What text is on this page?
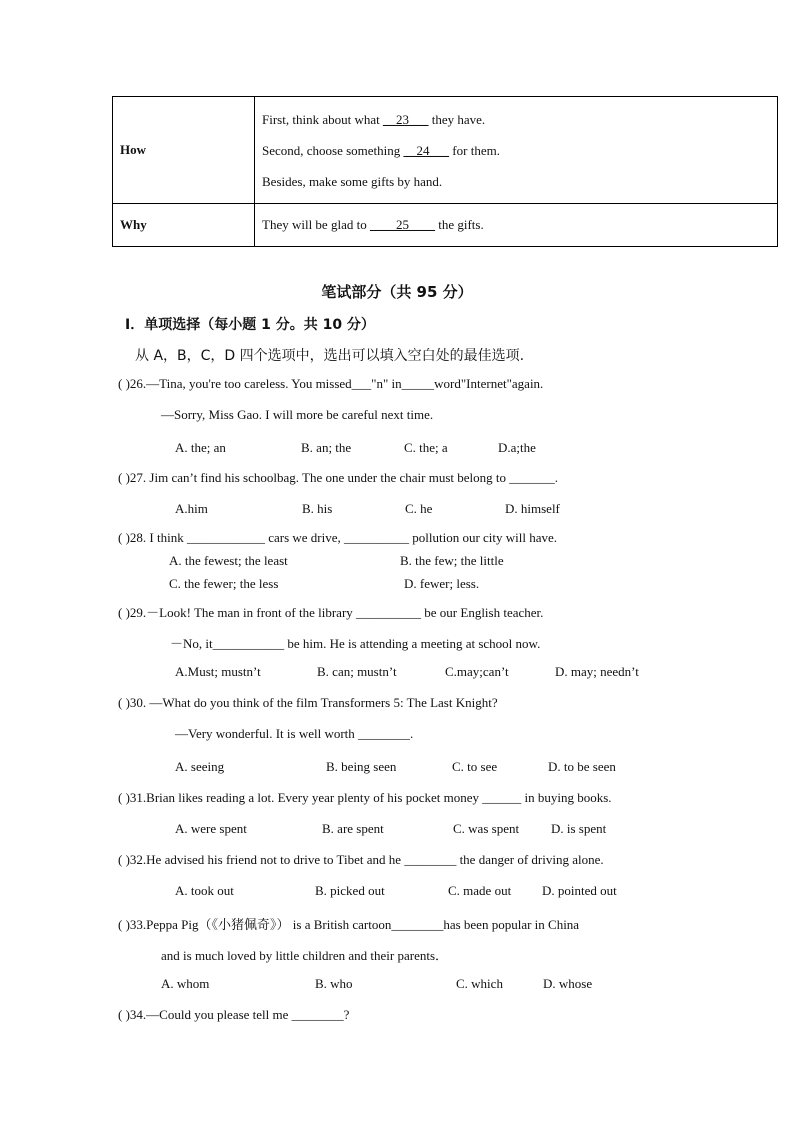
How	First, think about what __23___ they have.
Second, choose something __24___ for them.
Besides, make some gifts by hand.

Why	They will be glad to ____25____ the gifts.
笔试部分（共 95 分）
I．单项选择（每小题 1 分。共 10 分）
从 A，B，C，D 四个选项中，选出可以填入空白处的最佳选项.
( )26.—Tina, you're too careless. You missed___"n" in_____word"Internet"again.
—Sorry, Miss Gao. I will more be careful next time.
A. the; an	B. an; the	C. the; a	D.a;the
( )27. Jim can’t find his schoolbag. The one under the chair must belong to _______.
A.him	B. his	C. he	D. himself
( )28. I think ____________ cars we drive, __________ pollution our city will have.
A. the fewest; the least	B. the few; the little
C. the fewer; the less	D. fewer; less.
( )29.－Look! The man in front of the library __________ be our English teacher.
－No, it___________ be him. He is attending a meeting at school now.
A.Must; mustn’t	B. can; mustn’t	C.may;can’t	D. may; needn’t
( )30. —What do you think of the film Transformers 5: The Last Knight?
—Very wonderful. It is well worth ________.
A. seeing	B. being seen	C. to see	D. to be seen
( )31.Brian likes reading a lot. Every year plenty of his pocket money ______ in buying books.
A. were spent	B. are spent	C. was spent D. is spent
( )32.He advised his friend not to drive to Tibet and he ________ the danger of driving alone.
A. took out	B. picked out	C. made out D. pointed out
( )33.Peppa Pig（《小猪佩奇》） is a British cartoon________has been popular in China
and is much loved by little children and their parents．
A. whom	B. who	C. which	D. whose
( )34.—Could you please tell me ________?
